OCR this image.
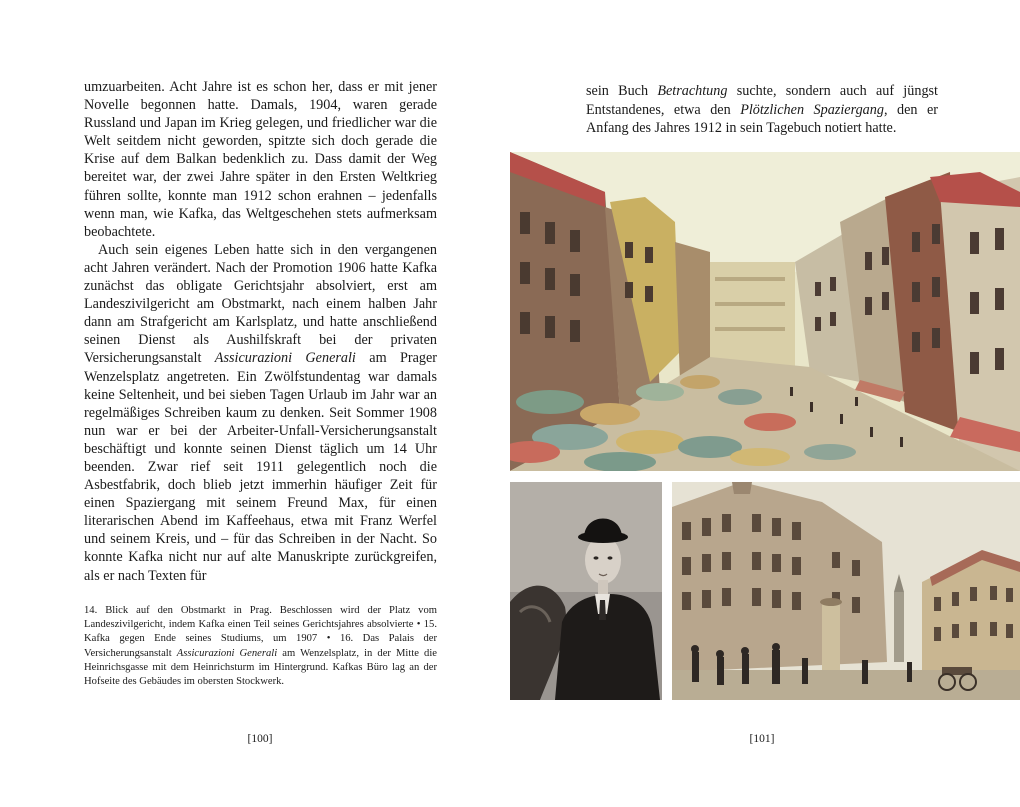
umzuarbeiten. Acht Jahre ist es schon her, dass er mit jener Novelle begonnen hatte. Damals, 1904, waren gerade Russland und Japan im Krieg gelegen, und friedlicher war die Welt seitdem nicht geworden, spitzte sich doch gerade die Krise auf dem Balkan bedenklich zu. Dass damit der Weg bereitet war, der zwei Jahre später in den Ersten Weltkrieg führen sollte, konnte man 1912 schon erahnen – jedenfalls wenn man, wie Kafka, das Weltgeschehen stets aufmerksam beobachtete.

Auch sein eigenes Leben hatte sich in den vergangenen acht Jahren verändert. Nach der Promotion 1906 hatte Kafka zunächst das obligate Gerichtsjahr absolviert, erst am Landeszivilgericht am Obstmarkt, nach einem halben Jahr dann am Strafgericht am Karlsplatz, und hatte anschließend seinen Dienst als Aushilfskraft bei der privaten Versicherungsanstalt Assicurazioni Generali am Prager Wenzelsplatz angetreten. Ein Zwölfstundentag war damals keine Seltenheit, und bei sieben Tagen Urlaub im Jahr war an regelmäßiges Schreiben kaum zu denken. Seit Sommer 1908 nun war er bei der Arbeiter-Unfall-Versicherungsanstalt beschäftigt und konnte seinen Dienst täglich um 14 Uhr beenden. Zwar rief seit 1911 gelegentlich noch die Asbestfabrik, doch blieb jetzt immerhin häufiger Zeit für einen Spaziergang mit seinem Freund Max, für einen literarischen Abend im Kaffeehaus, etwa mit Franz Werfel und seinem Kreis, und – für das Schreiben in der Nacht. So konnte Kafka nicht nur auf alte Manuskripte zurückgreifen, als er nach Texten für

14. Blick auf den Obstmarkt in Prag. Beschlossen wird der Platz vom Landeszivilgericht, indem Kafka einen Teil seines Gerichtsjahres absolvierte • 15. Kafka gegen Ende seines Studiums, um 1907 • 16. Das Palais der Versicherungsanstalt Assicurazioni Generali am Wenzelsplatz, in der Mitte die Heinrichsgasse mit dem Heinrichsturm im Hintergrund. Kafkas Büro lag an der Hofseite des Gebäudes im obersten Stockwerk.
[100]

sein Buch Betrachtung suchte, sondern auch auf jüngst Entstandenes, etwa den Plötzlichen Spaziergang, den er Anfang des Jahres 1912 in sein Tagebuch notiert hatte.

[101]
